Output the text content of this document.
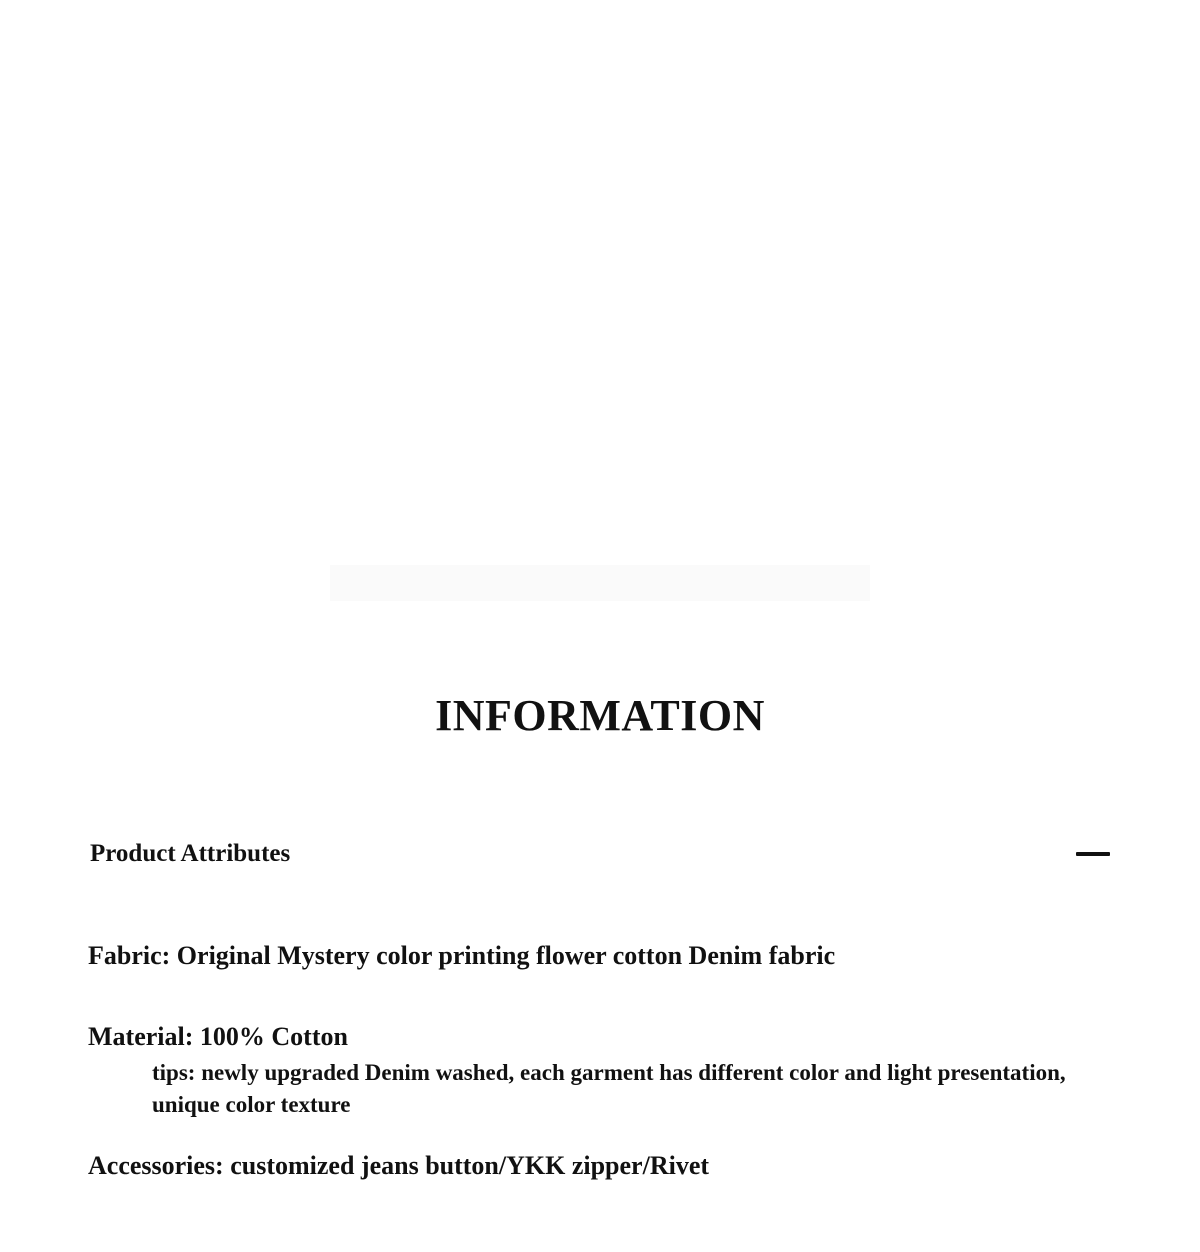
INFORMATION
Product Attributes

Fabric: Original Mystery color printing flower cotton Denim fabric

Material: 100% Cotton

tips: newly upgraded Denim washed, each garment has different color and light presentation, unique color texture

Accessories: customized jeans button/YKK zipper/Rivet
